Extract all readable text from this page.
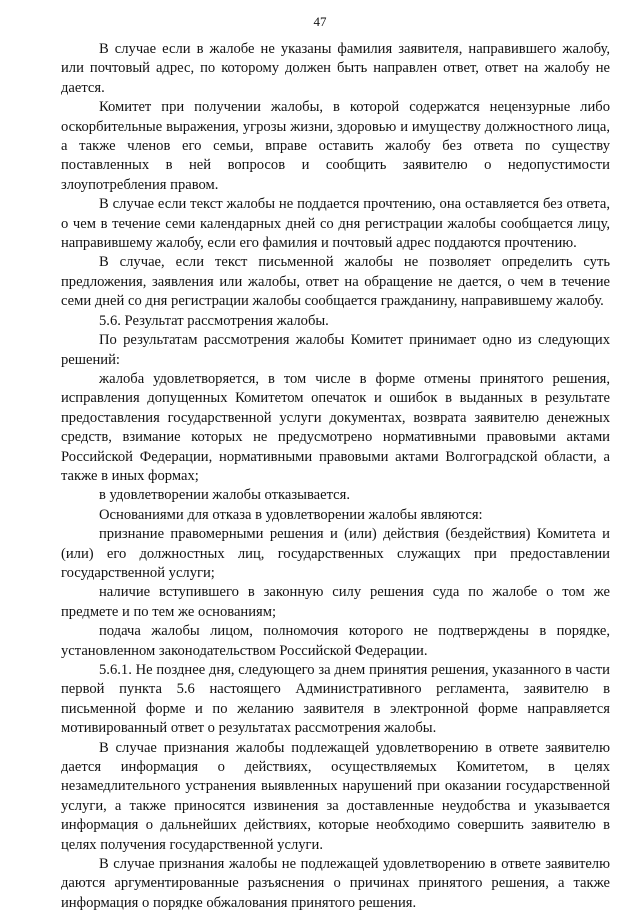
47

В случае если в жалобе не указаны фамилия заявителя, направившего жалобу, или почтовый адрес, по которому должен быть направлен ответ, ответ на жалобу не дается.

Комитет при получении жалобы, в которой содержатся нецензурные либо оскорбительные выражения, угрозы жизни, здоровью и имуществу должностного лица, а также членов его семьи, вправе оставить жалобу без ответа по существу поставленных в ней вопросов и сообщить заявителю о недопустимости злоупотребления правом.

В случае если текст жалобы не поддается прочтению, она оставляется без ответа, о чем в течение семи календарных дней со дня регистрации жалобы сообщается лицу, направившему жалобу, если его фамилия и почтовый адрес поддаются прочтению.

В случае, если текст письменной жалобы не позволяет определить суть предложения, заявления или жалобы, ответ на обращение не дается, о чем в течение семи дней со дня регистрации жалобы сообщается гражданину, направившему жалобу.

5.6. Результат рассмотрения жалобы.

По результатам рассмотрения жалобы Комитет принимает одно из следующих решений:

жалоба удовлетворяется, в том числе в форме отмены принятого решения, исправления допущенных Комитетом опечаток и ошибок в выданных в результате предоставления государственной услуги документах, возврата заявителю денежных средств, взимание которых не предусмотрено нормативными правовыми актами Российской Федерации, нормативными правовыми актами Волгоградской области, а также в иных формах;

в удовлетворении жалобы отказывается.

Основаниями для отказа в удовлетворении жалобы являются:

признание правомерными решения и (или) действия (бездействия) Комитета и (или) его должностных лиц, государственных служащих при предоставлении государственной услуги;

наличие вступившего в законную силу решения суда по жалобе о том же предмете и по тем же основаниям;

подача жалобы лицом, полномочия которого не подтверждены в порядке, установленном законодательством Российской Федерации.

5.6.1. Не позднее дня, следующего за днем принятия решения, указанного в части первой пункта 5.6 настоящего Административного регламента, заявителю в письменной форме и по желанию заявителя в электронной форме направляется мотивированный ответ о результатах рассмотрения жалобы.

В случае признания жалобы подлежащей удовлетворению в ответе заявителю дается информация о действиях, осуществляемых Комитетом, в целях незамедлительного устранения выявленных нарушений при оказании государственной услуги, а также приносятся извинения за доставленные неудобства и указывается информация о дальнейших действиях, которые необходимо совершить заявителю в целях получения государственной услуги.

В случае признания жалобы не подлежащей удовлетворению в ответе заявителю даются аргументированные разъяснения о причинах принятого решения, а также информация о порядке обжалования принятого решения.
